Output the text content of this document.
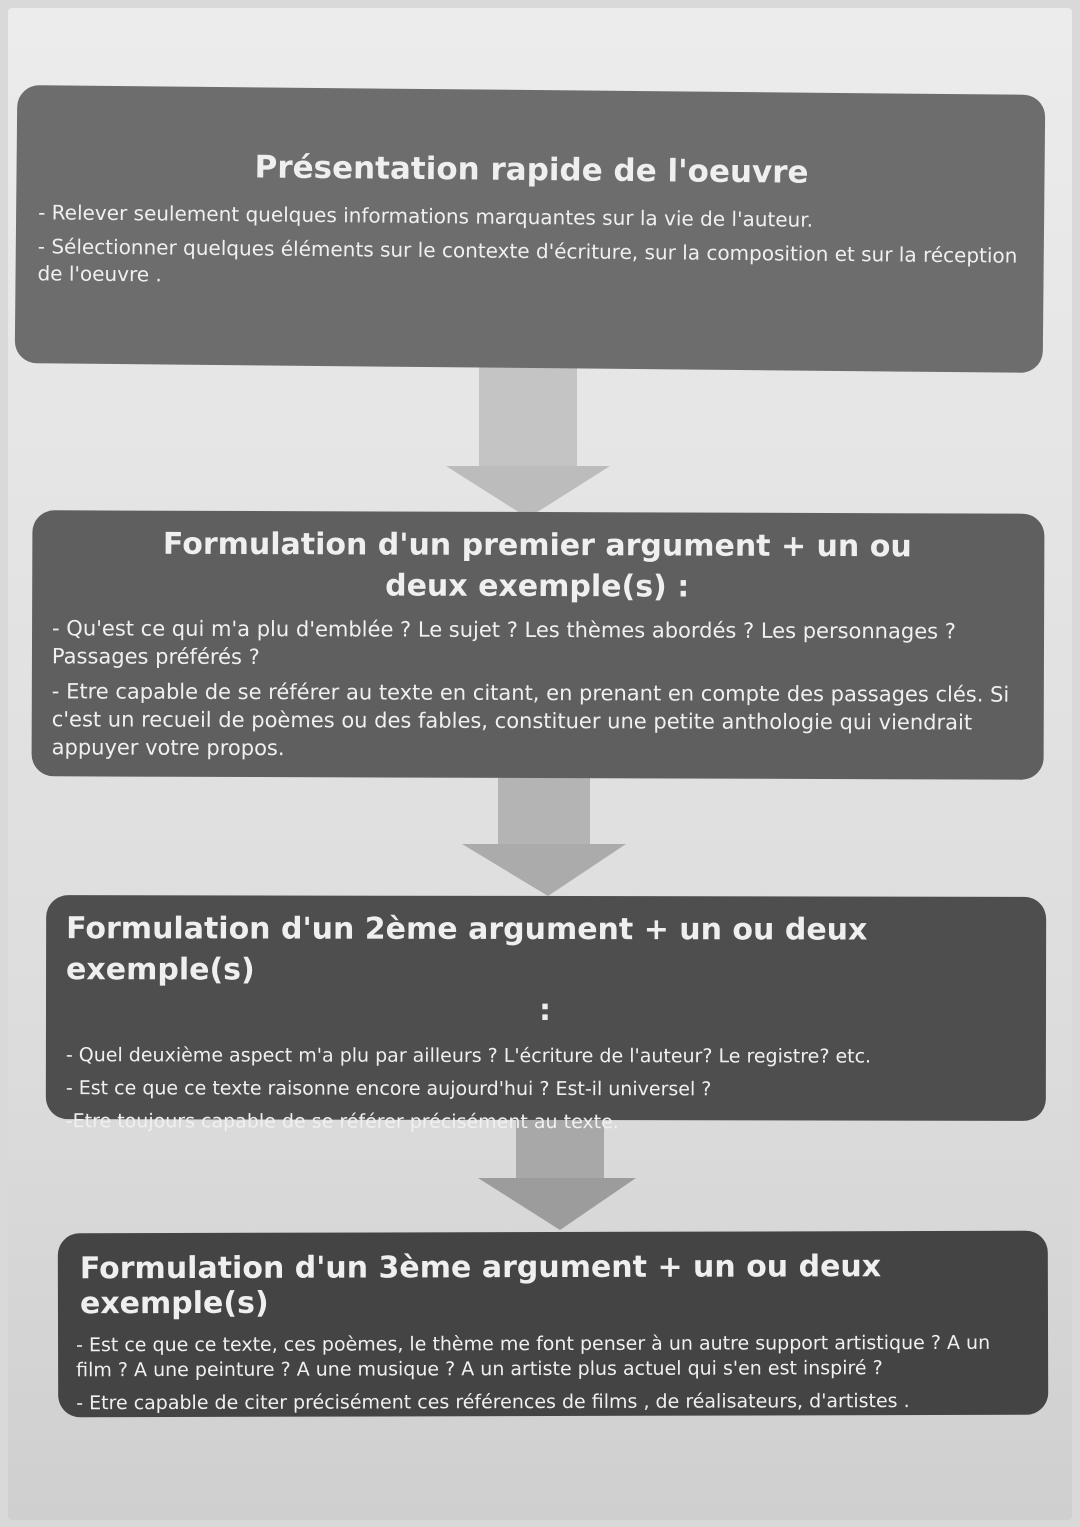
Présentation rapide de l'oeuvre

- Relever seulement quelques informations marquantes sur la vie de l'auteur.

- Sélectionner quelques éléments sur le contexte d'écriture, sur la composition et sur la réception de l'oeuvre .

Formulation d'un premier argument + un ou deux exemple(s) :

- Qu'est ce qui m'a plu d'emblée ? Le sujet ? Les thèmes abordés ? Les personnages ? Passages préférés ?

- Etre capable de se référer au texte en citant, en prenant en compte des passages clés. Si c'est un recueil de poèmes ou des fables, constituer une petite anthologie qui viendrait appuyer votre propos.

Formulation d'un 2ème argument + un ou deux exemple(s)
:

- Quel deuxième aspect m'a plu par ailleurs ? L'écriture de l'auteur? Le registre? etc.

- Est ce que ce texte raisonne encore aujourd'hui ? Est-il universel ?

-Etre toujours capable de se référer précisément au texte.

Formulation d'un 3ème argument + un ou deux exemple(s)

- Est ce que ce texte, ces poèmes, le thème me font penser à un autre support artistique ? A un film ? A une peinture ? A une musique ? A un artiste plus actuel qui s'en est inspiré ?

- Etre capable de citer précisément ces références de films , de réalisateurs, d'artistes .
